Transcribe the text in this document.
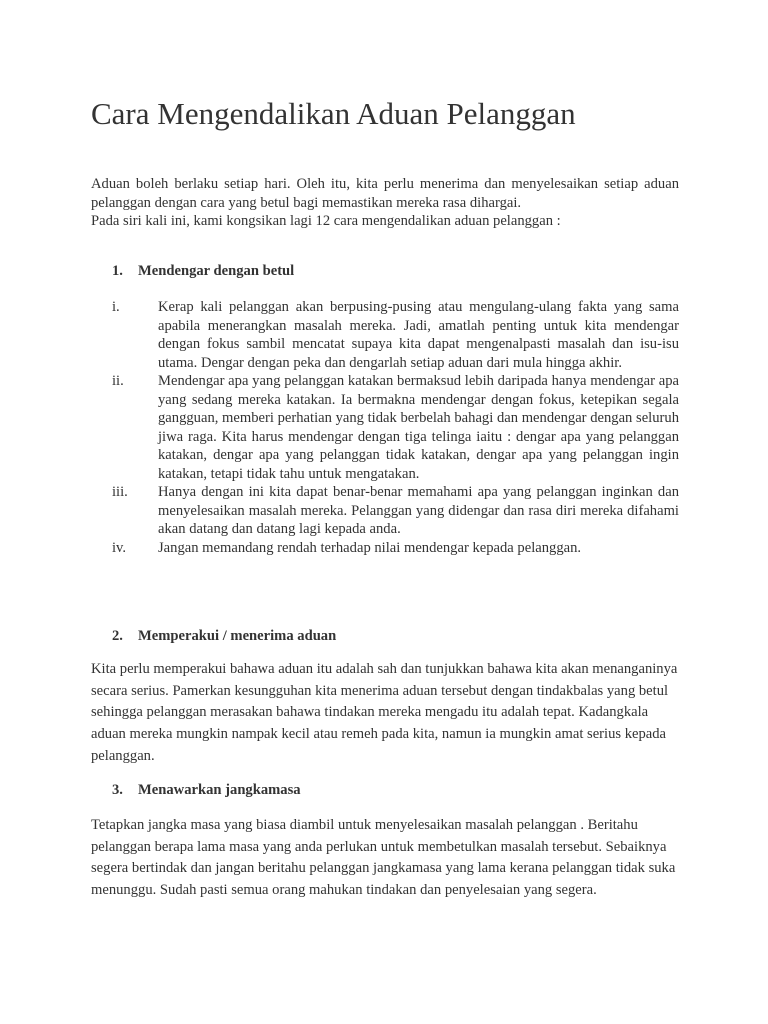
Cara Mengendalikan Aduan Pelanggan

Aduan boleh berlaku setiap hari. Oleh itu, kita perlu menerima dan menyelesaikan setiap aduan pelanggan dengan cara yang betul bagi memastikan mereka rasa dihargai.

Pada siri kali ini, kami kongsikan lagi 12 cara mengendalikan aduan pelanggan :

1. Mendengar dengan betul
i.	Kerap kali pelanggan akan berpusing-pusing atau mengulang-ulang fakta yang sama apabila menerangkan masalah mereka. Jadi, amatlah penting untuk kita mendengar dengan fokus sambil mencatat supaya kita dapat mengenalpasti masalah dan isu-isu utama. Dengar dengan peka dan dengarlah setiap aduan dari mula hingga akhir.
ii. Mendengar apa yang pelanggan katakan bermaksud lebih daripada hanya mendengar apa yang sedang mereka katakan. Ia bermakna mendengar dengan fokus, ketepikan segala gangguan, memberi perhatian yang tidak berbelah bahagi dan mendengar dengan seluruh jiwa raga. Kita harus mendengar dengan tiga telinga iaitu : dengar apa yang pelanggan katakan, dengar apa yang pelanggan tidak katakan, dengar apa yang pelanggan ingin katakan, tetapi tidak tahu untuk mengatakan.
iii. Hanya dengan ini kita dapat benar-benar memahami apa yang pelanggan inginkan dan menyelesaikan masalah mereka. Pelanggan yang didengar dan rasa diri mereka difahami akan datang dan datang lagi kepada anda.
iv. Jangan memandang rendah terhadap nilai mendengar kepada pelanggan.
2. Memperakui / menerima aduan

Kita perlu memperakui bahawa aduan itu adalah sah dan tunjukkan bahawa kita akan menanganinya secara serius. Pamerkan kesungguhan kita menerima aduan tersebut dengan tindakbalas yang betul sehingga pelanggan merasakan bahawa tindakan mereka mengadu itu adalah tepat. Kadangkala aduan mereka mungkin nampak kecil atau remeh pada kita, namun ia mungkin amat serius kepada pelanggan.

3. Menawarkan jangkamasa

Tetapkan jangka masa yang biasa diambil untuk menyelesaikan masalah pelanggan . Beritahu pelanggan berapa lama masa yang anda perlukan untuk membetulkan masalah tersebut. Sebaiknya segera bertindak dan jangan beritahu pelanggan jangkamasa yang lama kerana pelanggan tidak suka menunggu. Sudah pasti semua orang mahukan tindakan dan penyelesaian yang segera.
